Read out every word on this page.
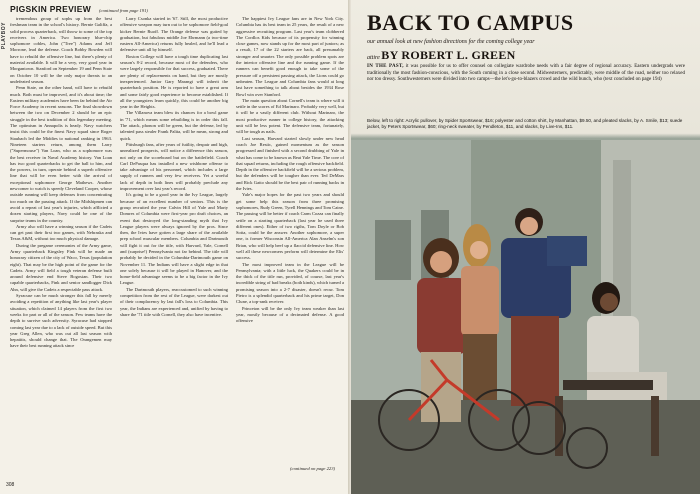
PLAYBOY
PIGSKIN PREVIEW (continued from page 191)

tremendous group of sophs up from the best freshman team in the school's history. Bernie Galiffa, a solid process quarterback, will throw to some of the top receivers in America. Two honorary blue-chip sophomore cobles, John ("Tree") Adams and Jeff Morrone, lead the defense. Coach Bobby Bowden will have to rebuild the offensive line, but there's plenty of material available. It will be a very, very good year in Morgantown. Stanford on September 19 and Penn State on October 10 will be the only major threats to an undefeated season.

Penn State, on the other hand, will have to rebuild much. Both must be improved, and it's about time; the Eastern military academies have been far behind the Air Force Academy in recent seasons. The final showdown between the two on December 2 should be an epic struggle in the best tradition of this legendary meeting. The optimism in Annapolis is heady. Navy watchers insist this could be the finest Navy squad since Roger Staubach led the Middies to national ranking in 1963. Nineteen starters return, among them Larry ("Supermouse") Van Loan, who as a sophomore was the best receiver in Naval Academy history. Van Loan has two good quarterbacks to get the ball to him, and the powers, in turn, operate behind a superb offensive line that will be even better with the arrival of exceptional sophomore George Mathews. Another newcomer to watch is speedy Cleveland Cooper, whose outside running will keep defenses from concentrating too much on the passing attack. If the Midshipmen can avoid a repeat of last year's injuries, which afflicted a dozen starting players, Navy could be one of the surprise teams in the country.

Army also will have a winning season if the Cadets can get past their first two games, with Nebraska and Texas A&M, without too much physical damage.

During the pregame ceremonies of the Army game, Army quarterback Kingsley Fink will be made an honorary citizen of the city of Waco, Texas (population eight). That may be the high point of the game for the Cadets. Army will field a tough veteran defense built around defensive end Steve Bogosian. Their two capable quarterbacks, Fink and senior sandlogger Dick Ahn, will give the Cadets a respectable pass attack.

Syracuse can be much stronger this fall by merely avoiding a repetition of anything like last year's player situation, which claimed 14 players from the first two weeks for part or all of the season. Few teams have the depth to survive such adversity. Syracuse had stopped coming last year due to a lack of outside speed. But this year Greg Allen, who was out all last season with hepatitis, should change that. The Orangemen may have their best running attack since

Larry Csonka started in '67. Still, the most productive offensive weapon may turn out to be sophomore field-goal kicker Bernie Ruoff. The Orange defense was gutted by graduation, but fabulous middle Joe Ehrmann (a two-time eastern All-America) returns fully healed, and he'll lead a defensive unit all by himself.

Boston College will have a tough time duplicating last season's 8-2 record, because most of the defenders, who were largely responsible for that success, graduated. There are plenty of replacements on hand, but they are mostly inexperienced. Junior Gary Marangi will inherit the quarterback position. He is reported to have a great arm and some fairly good experience to become established. If all the youngsters learn quickly, this could be another big year in the Heights.

The Villanova team blew its chances for a bowl game in '71, which means some rebuilding is in order this fall. The attack, phonon will be green, but the defense, led by talented pass stealer Frank Palita, will be mean, strong and quick.

Pittsburgh fans, after years of futility, despair and high, unrealized prospects, will notice a difference this season, not only on the scoreboard but on the battlefield. Coach Carl DePasqua has installed a new wishbone offense to take advantage of his personnel, which includes a large supply of runners and very few receivers. Yet a woeful lack of depth in both lines will probably preclude any improvement over last year's record.

It's going to be a good year in the Ivy League, largely because of an excellent number of seniors. This is the group recruited the year Calvin Hill of Yale and Marty Domres of Columbia were first-year pro draft choices, an event that destroyed the long-standing myth that Ivy League players were always ignored by the pros. Since then, the Ivies have gotten a large share of the available prep school muscular members. Columbia and Dartmouth will fight it out for the title, with Harvard, Yale, Cornell and (surprise!) Pennsylvania not far behind. The title will probably be decided in the Columbia-Dartmouth game on November 11. The Indians will have a slight edge in that one solely because it will be played in Hanover, and the home-field advantage seems to be a big factor in the Ivy League.

The Dartmouth players, reaccustomed to such winning competition from the rest of the League, were darkest out of their complacency by last fall's loss to Columbia. This year, the Indians are experienced and, unified by having to share the '71 title with Cornell, they also have incentive.

The happiest Ivy League fans are in New York City. Columbia has its best team in 25 years, the result of a new aggressive recruiting program. Last year's team clobbered The Cordlos Kids because of its propensity for winning close games, now stands up for the most part of juniors; as a result, 17 of the 22 starters are back, all presumably stronger and smarter. The only possible problem spots are the interior offensive line and the running game. If the runners can benefit good enough to take some of the pressure off a persistent passing attack, the Lions could go unbeaten. The League and Columbia fans would at long last have something to talk about besides the 1934 Rose Bowl win over Stanford.

The main question about Cornell's team is where will it settle in the scores of Ed Marinaro. Probably very well, but it will be a vastly different club. Without Marinaro, the most productive runner in college history, the attacking unit will be less potent. The defensive team, fortunately, will be tough as nails.

Last season, Harvard started slowly under new head coach Joe Restic, gained momentum as the season progressed and finished with a second drubbing of Yale in what has come to be known as Beat Yale Time. The core of that squad returns, including the rough offensive backfield. Depth in the offensive backfield will be a serious problem, but the defenders will be tougher than ever. Ted DeMars and Rick Gatto should be the best pair of running backs in the Ivies.

Yale's major hopes for the past two years and should get some help this season from three promising sophomores, Rudy Green, Tyrell Hennings and Tom Caine. The passing will be better if coach Carm Cozza can finally settle on a starting quarterback (last year he used three different ones). Either of two rigths, Tom Doyle or Bob Sotta, could be the answer. Another sophomore, a super one, is former Wisconsin All-America Alan Anselm's son Brian, who will help beef up a flaccid defensive line. How well all these newcomers perform will determine the Elis' success.

The most improved team in the League will be Pennsylvania; with a little luck, the Quakers could be in the thick of the title run, provided, of course, last year's incredible string of bad breaks (both kinds), which turned a promising season into a 2-7 disaster, doesn't recur. Tom Pietro is a splendid quarterback and his prime target, Don Clune, a top-rank receiver.

Princeton will be the only Ivy team weaker than last year, mostly because of a decimated defense. A good offensive

(continued on page 223)
308
BACK TO CAMPUS
our annual look at new fashion directions for the coming college year
attire BY ROBERT L. GREEN
IN THE PAST, it was possible for us to offer counsel on collegiate wardrobe needs with a fair degree of regional accuracy. Eastern undergrads were traditionally the most fashion-conscious, with the South coming in a close second. Midwesterners, predictably, were middle of the road, neither too relaxed nor too dressy. Southwesterners were divided into two camps—the let's-go-to-blazers crowd and the wild bunch, who (text concluded on page 194)
Below, left to right: Acrylic pullover, by Spider Sportswear, $16; polyester and cotton shirt, by Manhattan, $9.50, and pleated slacks, by A. Smile, $13; suede jacket, by Peters Sportswear, $60; ring-neck sweater, by Pendleton, $11, and slacks, by Live-Ins, $11.
